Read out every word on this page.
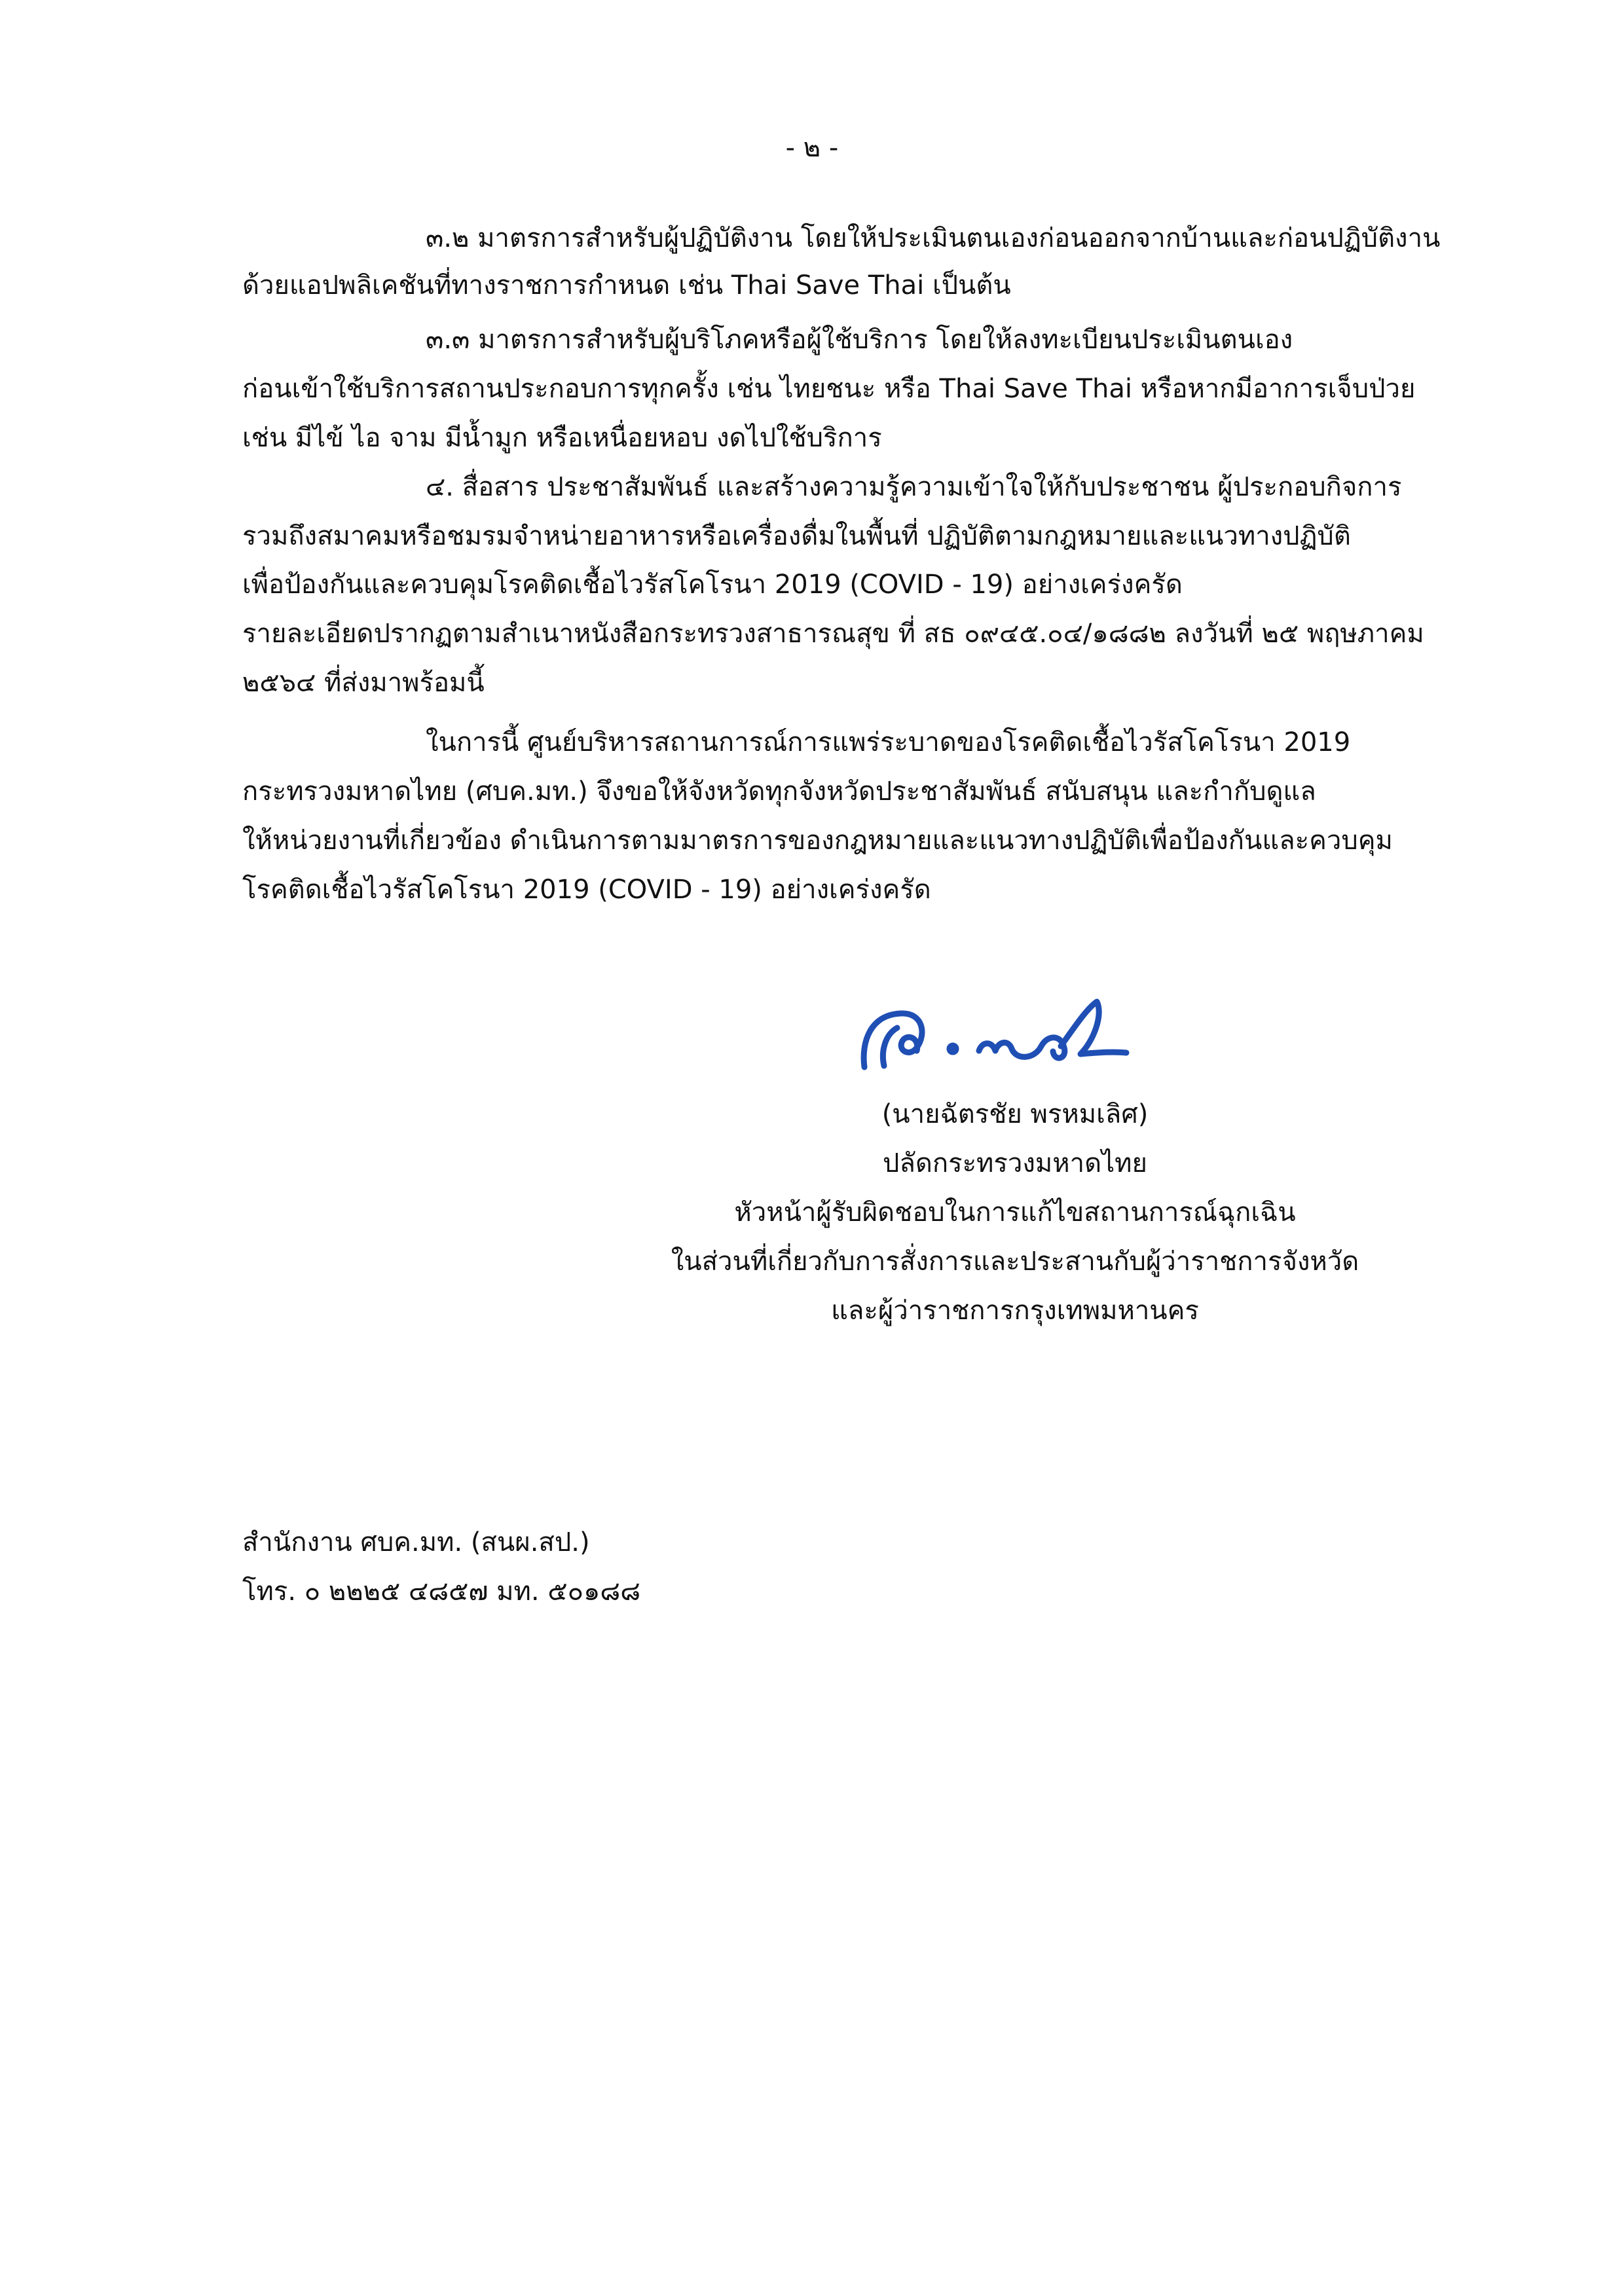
- ๒ -
๓.๒ มาตรการสำหรับผู้ปฏิบัติงาน โดยให้ประเมินตนเองก่อนออกจากบ้านและก่อนปฏิบัติงาน
ด้วยแอปพลิเคชันที่ทางราชการกำหนด เช่น Thai Save Thai เป็นต้น
๓.๓ มาตรการสำหรับผู้บริโภคหรือผู้ใช้บริการ โดยให้ลงทะเบียนประเมินตนเอง
ก่อนเข้าใช้บริการสถานประกอบการทุกครั้ง เช่น ไทยชนะ หรือ Thai Save Thai หรือหากมีอาการเจ็บป่วย
เช่น มีไข้ ไอ จาม มีน้ำมูก หรือเหนื่อยหอบ งดไปใช้บริการ
๔. สื่อสาร ประชาสัมพันธ์ และสร้างความรู้ความเข้าใจให้กับประชาชน ผู้ประกอบกิจการ
รวมถึงสมาคมหรือชมรมจำหน่ายอาหารหรือเครื่องดื่มในพื้นที่ ปฏิบัติตามกฎหมายและแนวทางปฏิบัติ
เพื่อป้องกันและควบคุมโรคติดเชื้อไวรัสโคโรนา 2019 (COVID - 19) อย่างเคร่งครัด
รายละเอียดปรากฏตามสำเนาหนังสือกระทรวงสาธารณสุข ที่ สธ ๐๙๔๕.๐๔/๑๘๘๒ ลงวันที่ ๒๕ พฤษภาคม
๒๕๖๔ ที่ส่งมาพร้อมนี้
ในการนี้ ศูนย์บริหารสถานการณ์การแพร่ระบาดของโรคติดเชื้อไวรัสโคโรนา 2019
กระทรวงมหาดไทย (ศบค.มท.) จึงขอให้จังหวัดทุกจังหวัดประชาสัมพันธ์ สนับสนุน และกำกับดูแล
ให้หน่วยงานที่เกี่ยวข้อง ดำเนินการตามมาตรการของกฎหมายและแนวทางปฏิบัติเพื่อป้องกันและควบคุม
โรคติดเชื้อไวรัสโคโรนา 2019 (COVID - 19) อย่างเคร่งครัด
(นายฉัตรชัย พรหมเลิศ)
ปลัดกระทรวงมหาดไทย
หัวหน้าผู้รับผิดชอบในการแก้ไขสถานการณ์ฉุกเฉิน
ในส่วนที่เกี่ยวกับการสั่งการและประสานกับผู้ว่าราชการจังหวัด
และผู้ว่าราชการกรุงเทพมหานคร
สำนักงาน ศบค.มท. (สนผ.สป.)
โทร. ๐ ๒๒๒๕ ๔๘๕๗ มท. ๕๐๑๘๘
